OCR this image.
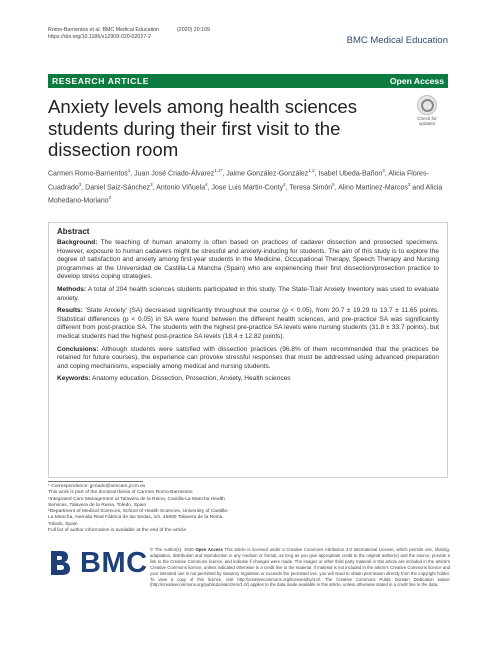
Romo-Barrientos et al. BMC Medical Education	(2020) 20:109
https://doi.org/10.1186/s12909-020-02027-2	BMC Medical Education
RESEARCH ARTICLE	Open Access
Anxiety levels among health sciences students during their first visit to the dissection room
Check for updates
Carmen Romo-Barrientos$^1$, Juan José Criado-Álvarez$^{1,2*}$, Jaime González-González$^{1,2}$, Isabel Ubeda-Bañon$^3$, Alicia Flores-Cuadrado$^3$, Daniel Saiz-Sánchez$^3$, Antonio Viñuela$^4$, Jose Luis Martin-Conty$^4$, Teresa Simón$^5$, Alino Martinez-Marcos$^3$ and Alicia Mohedano-Moriano$^2$
Abstract

Background: The teaching of human anatomy is often based on practices of cadaver dissection and prosected specimens. However, exposure to human cadavers might be stressful and anxiety-inducing for students. The aim of this study is to explore the degree of satisfaction and anxiety among first-year students in the Medicine, Occupational Therapy, Speech Therapy and Nursing programmes at the Universidad de Castilla-La Mancha (Spain) who are experiencing their first dissection/prosection practice to develop stress coping strategies.

Methods: A total of 204 health sciences students participated in this study. The State-Trait Anxiety Inventory was used to evaluate anxiety.

Results: 'State Anxiety' (SA) decreased significantly throughout the course (p < 0.05), from 20.7 ± 19.29 to 13.7 ± 11.65 points. Statistical differences (p < 0.05) in SA were found between the different health sciences, and pre-practice SA was significantly different from post-practice SA. The students with the highest pre-practice SA levels were nursing students (31.8 ± 33.7 points), but medical students had the highest post-practice SA levels (18.4 ± 12.82 points).

Conclusions: Although students were satisfied with dissection practices (96.8% of them recommended that the practices be retained for future courses), the experience can provoke stressful responses that must be addressed using advanced preparation and coping mechanisms, especially among medical and nursing students.

Keywords: Anatomy education, Dissection, Prosection, Anxiety, Health sciences

* Correspondence: jjcriado@sescam.jccm.es
This work is part of the doctoral thesis of Carmen Romo-Barrientos
¹Integrated Care Management at Talavera de la Reina, Castilla-La Mancha Health Services, Talavera de la Reina, Toledo, Spain
²Department of Medical Sciences, School of Health Sciences, University of Castilla-La Mancha, Avenida Real Fábrica de las Sedas, s/n. 45600 Talavera de la Reina, Toledo, Spain
Full list of author information is available at the end of the article
BMC © The Author(s). 2020 Open Access This article is licensed under a Creative Commons Attribution 4.0 International License, which permits use, sharing, adaptation, distribution and reproduction in any medium or format, as long as you give appropriate credit to the original author(s) and the source, provide a link to the Creative Commons licence, and indicate if changes were made. The images or other third party material in this article are included in the article's Creative Commons licence, unless indicated otherwise in a credit line to the material. If material is not included in the article's Creative Commons licence and your intended use is not permitted by statutory regulation or exceeds the permitted use, you will need to obtain permission directly from the copyright holder. To view a copy of this licence, visit http://creativecommons.org/licenses/by/4.0/. The Creative Commons Public Domain Dedication waiver (http://creativecommons.org/publicdomain/zero/1.0/) applies to the data made available in this article, unless otherwise stated in a credit line to the data.
